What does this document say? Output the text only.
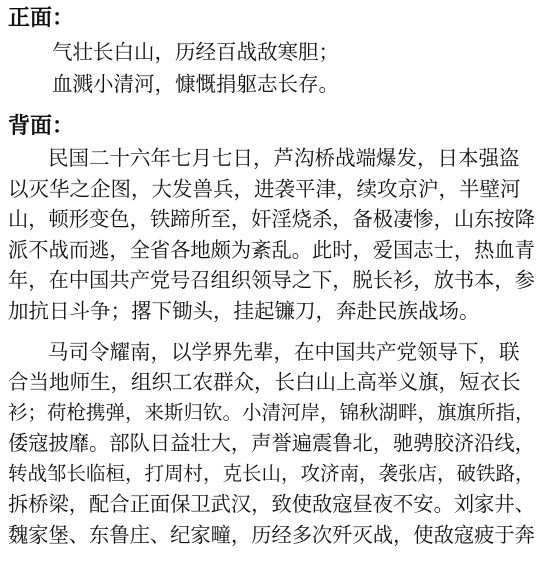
正面：
气壮长白山，历经百战敌寒胆；
血溅小清河，慷慨捐躯志长存。
背面：
民国二十六年七月七日，芦沟桥战端爆发，日本强盗
以灭华之企图，大发兽兵，进袭平津，续攻京沪，半壁河
山，顿形变色，铁蹄所至，奸淫烧杀，备极凄惨，山东按降
派不战而逃，全省各地颇为紊乱。此时，爱国志士，热血青
年，在中国共产党号召组织领导之下，脱长衫，放书本，参
加抗日斗争；撂下锄头，挂起镰刀，奔赴民族战场。
马司令耀南，以学界先辈，在中国共产党领导下，联
合当地师生，组织工农群众，长白山上高举义旗，短衣长
衫；荷枪携弹，来斯归钦。小清河岸，锦秋湖畔，旗旗所指，
倭寇披靡。部队日益壮大，声誉遍震鲁北，驰骋胶济沿线，
转战邹长临桓，打周村，克长山，攻济南，袭张店，破铁路，
拆桥梁，配合正面保卫武汉，致使敌寇昼夜不安。刘家井、
魏家堡、东鲁庄、纪家疃，历经多次歼灭战，使敌寇疲于奔
